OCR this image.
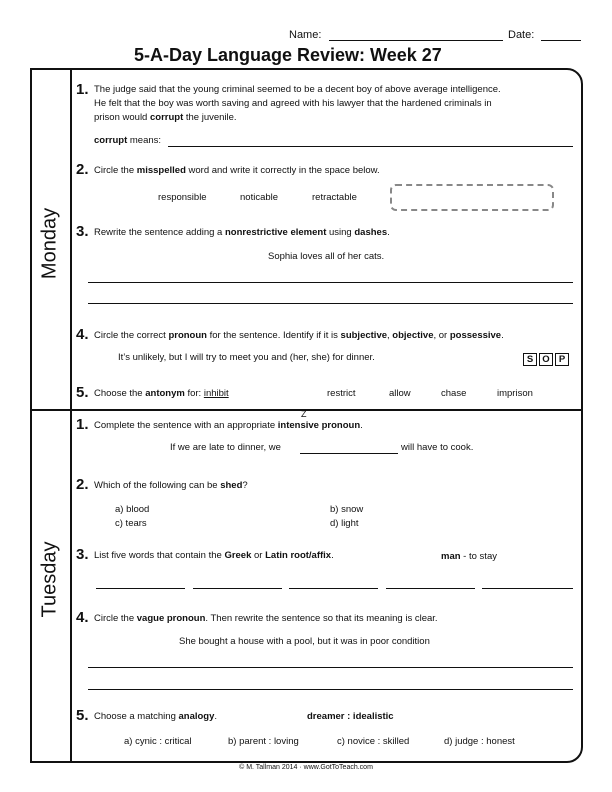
Name:	Date:
5-A-Day Language Review: Week 27
Monday
Tuesday
1. The judge said that the young criminal seemed to be a decent boy of above average intelligence.
He felt that the boy was worth saving and agreed with his lawyer that the hardened criminals in
prison would corrupt the juvenile.
corrupt means:
2. Circle the misspelled word and write it correctly in the space below.
responsible	noticable	retractable
3. Rewrite the sentence adding a nonrestrictive element using dashes.
Sophia loves all of her cats.
4. Circle the correct pronoun for the sentence. Identify if it is subjective, objective, or possessive.
It’s unlikely, but I will try to meet you and (her, she) for dinner.	S O P
5. Choose the antonym for: inhibit	restrict	allow	chase	imprison
1. Complete the sentence with an appropriate intensive pronoun.
Z
If we are late to dinner, we	will have to cook.
2. Which of the following can be shed?
a) blood	b) snow
c) tears	d) light
3. List five words that contain the Greek or Latin root/affix.	man - to stay
4. Circle the vague pronoun. Then rewrite the sentence so that its meaning is clear.
She bought a house with a pool, but it was in poor condition
5. Choose a matching analogy.	dreamer : idealistic
a) cynic : critical	b) parent : loving	c) novice : skilled	d) judge : honest
© M. Tallman 2014 · www.GotToTeach.com
